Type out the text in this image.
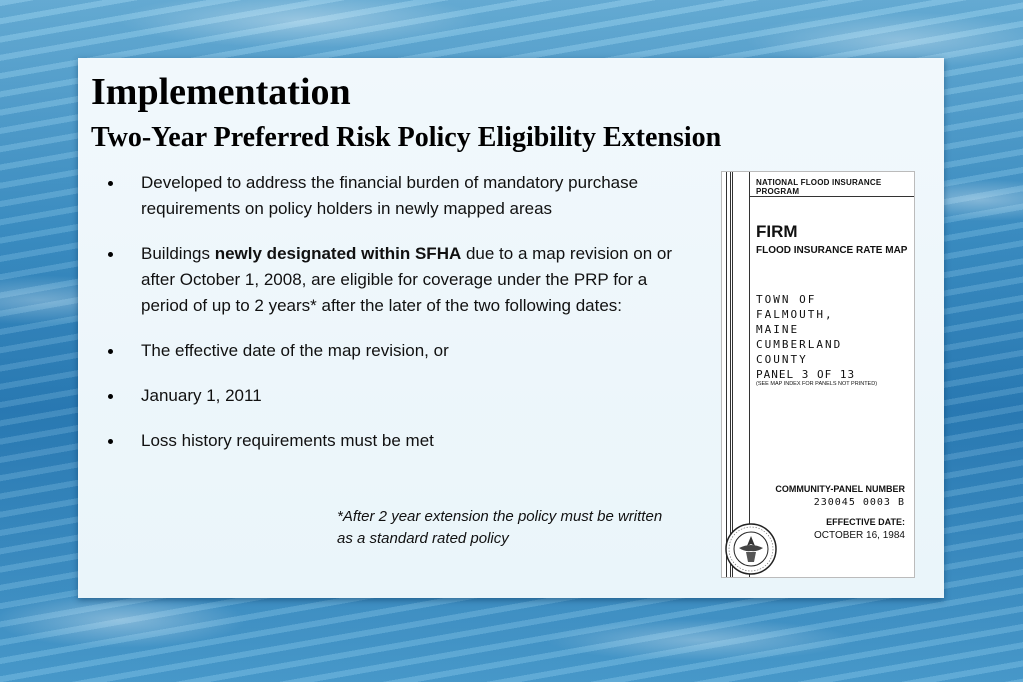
Implementation
Two-Year Preferred Risk Policy Eligibility Extension
Developed to address the financial burden of mandatory purchase requirements on policy holders in newly mapped areas
Buildings newly designated within SFHA due to a map revision on or after October 1, 2008, are eligible for coverage under the PRP for a period of up to 2 years* after the later of the two following dates:
The effective date of the map revision, or
January 1, 2011
Loss history requirements must be met
*After 2 year extension the policy must be written as a standard rated policy
NATIONAL FLOOD INSURANCE PROGRAM
FIRM
FLOOD INSURANCE RATE MAP
TOWN OF
FALMOUTH,
MAINE
CUMBERLAND
COUNTY
PANEL 3 OF 13
(SEE MAP INDEX FOR PANELS NOT PRINTED)
COMMUNITY-PANEL NUMBER
230045 0003 B
EFFECTIVE DATE:
OCTOBER 16, 1984
